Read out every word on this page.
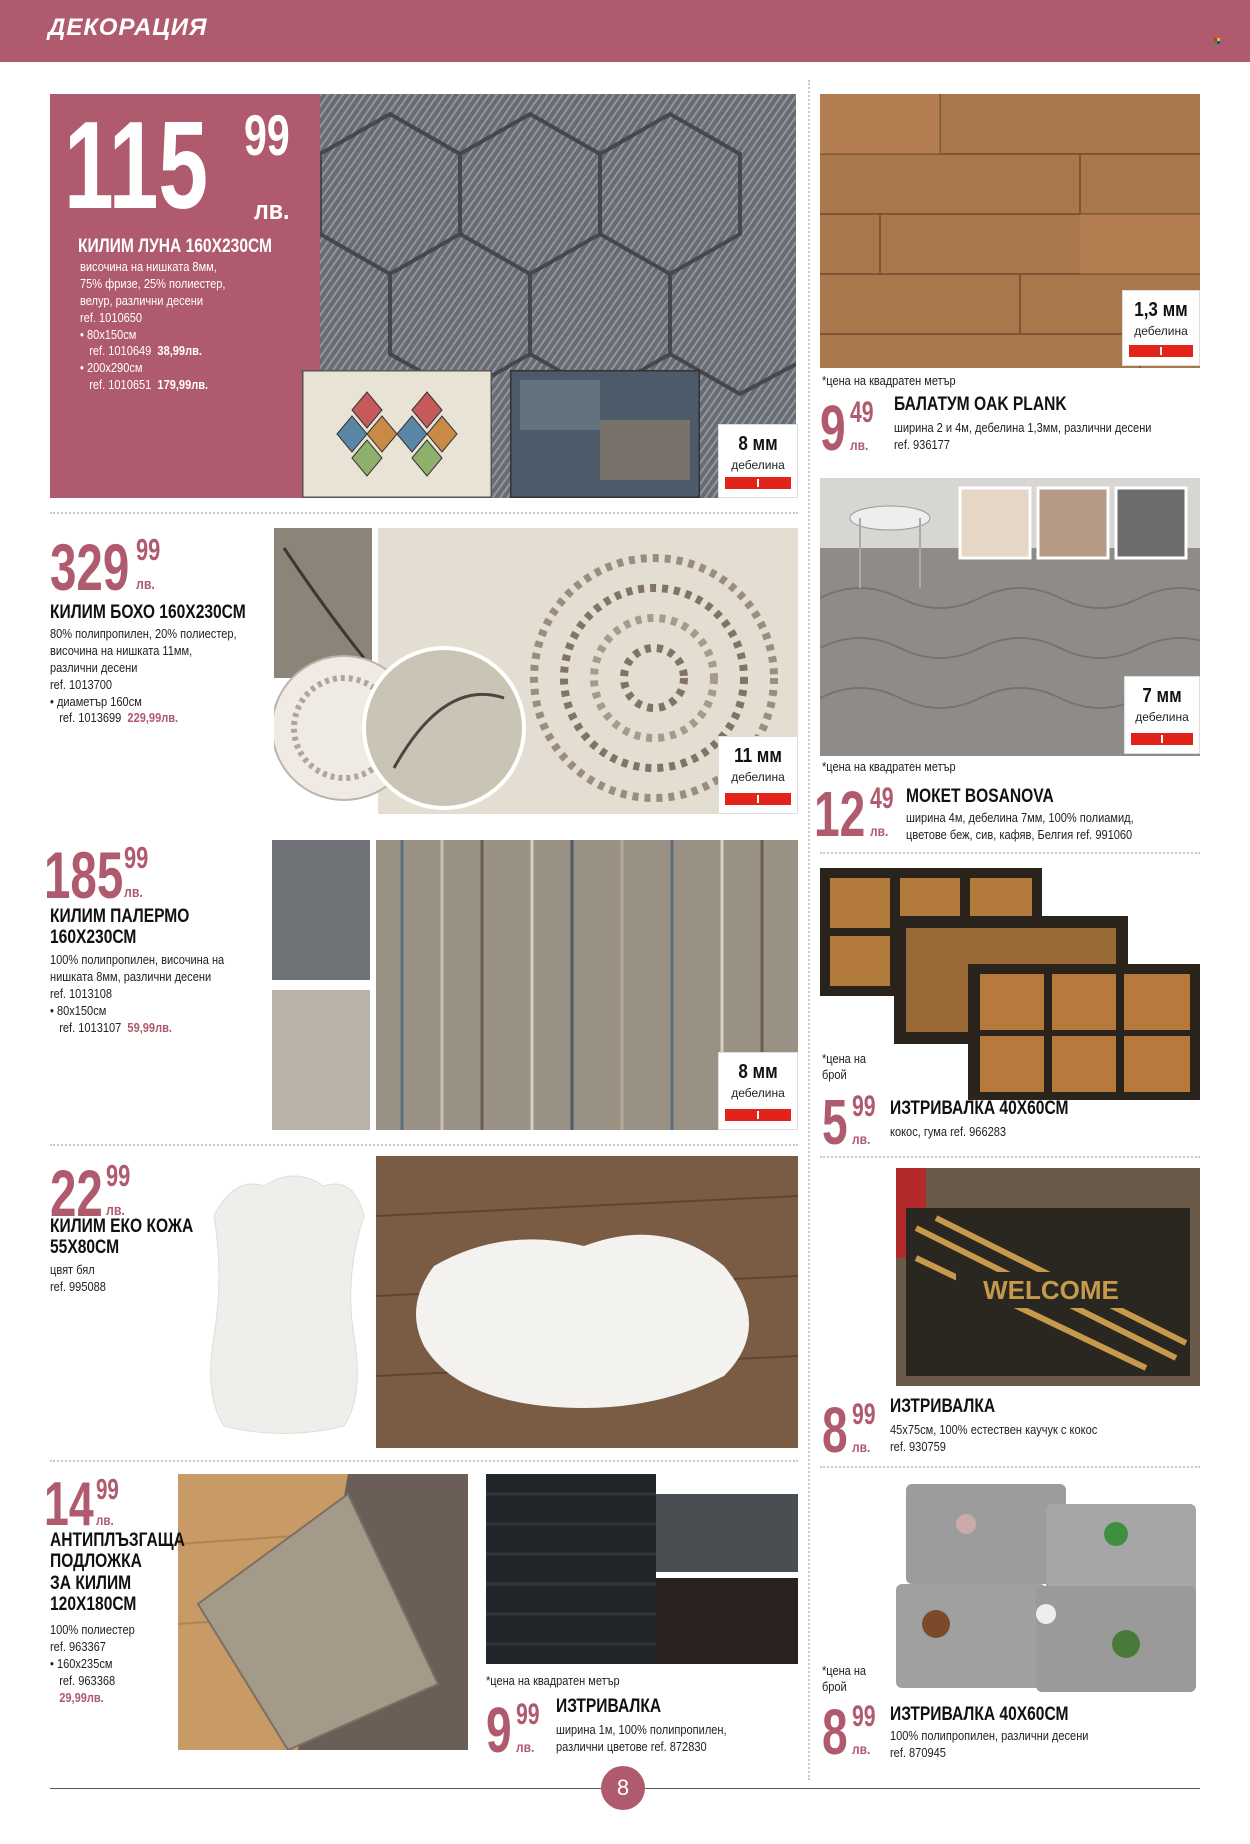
ДЕКОРАЦИЯ
8 мм
дебелина
115 99
лв.
КИЛИМ ЛУНА 160Х230СМ
височина на нишката 8мм,
75% фризе, 25% полиестер,
велур, различни десени
ref. 1010650
• 80х150см
ref. 1010649 38,99лв.
• 200х290см
ref. 1010651 179,99лв.
1,3 мм
дебелина
*цена на квадратен метър
9 49
лв.
БАЛАТУМ OAK PLANK
ширина 2 и 4м, дебелина 1,3мм, различни десени
ref. 936177
11 мм
дебелина
329 99
лв.
КИЛИМ БОХО 160Х230СМ
80% полипропилен, 20% полиестер,
височина на нишката 11мм,
различни десени
ref. 1013700
• диаметър 160см
ref. 1013699 229,99лв.
7 мм
дебелина
*цена на квадратен метър
12 49
лв.
МОКЕТ BOSANOVA
ширина 4м, дебелина 7мм, 100% полиамид,
цветове беж, сив, кафяв, Белгия ref. 991060
8 мм
дебелина
185 99
лв.
КИЛИМ ПАЛЕРМО
160Х230СМ
100% полипропилен, височина на
нишката 8мм, различни десени
ref. 1013108
• 80х150см
ref. 1013107 59,99лв.
*цена на
брой
5 99
лв.
ИЗТРИВАЛКА 40Х60СМ
кокос, гума ref. 966283
22 99
лв.
КИЛИМ ЕКО КОЖА
55Х80СМ
цвят бял
ref. 995088	WELCOME
8 99
лв.
ИЗТРИВАЛКА
45х75см, 100% естествен каучук с кокос
ref. 930759
14 99
лв.
АНТИПЛЪЗГАЩА
ПОДЛОЖКА
ЗА КИЛИМ
120Х180СМ
100% полиестер
ref. 963367
• 160х235см
ref. 963368
29,99лв.
*цена на квадратен метър
9 99
лв.
ИЗТРИВАЛКА
ширина 1м, 100% полипропилен,
различни цветове ref. 872830
*цена на
брой
8 99
лв.
ИЗТРИВАЛКА 40Х60СМ
100% полипропилен, различни десени
ref. 870945
8
